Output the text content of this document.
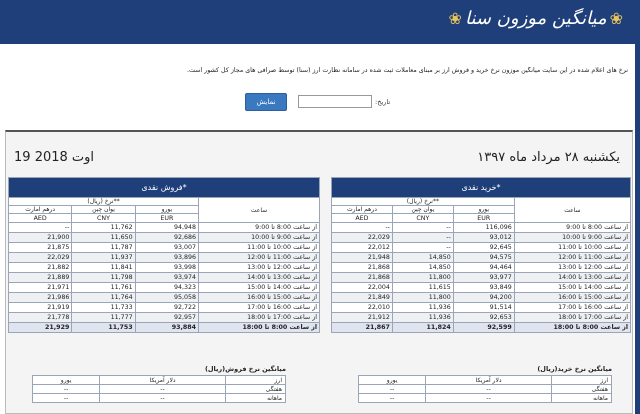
❀میانگین موزون سنا❀
نرخ های اعلام شده در این سایت میانگین موزون نرخ خرید و فروش ارز بر مبنای معاملات ثبت شده در سامانه نظارت ارز (سنا) توسط صرافی های مجاز کل کشور است.
تاریخ:
نمایش
19 اوت 2018	یکشنبه ۲۸ مرداد ماه ۱۳۹۷
خرید نقدی*			
نرخ (ریال)**			ساعت
درهم امارت	یوان چین	یورو	
AED	CNY	EUR	
--	--	116,096	از ساعت 8:00 تا 9:00
22,029	--	93,012	از ساعت 9:00 تا 10:00
22,012	--	92,645	از ساعت 10:00 تا 11:00
21,948	14,850	94,575	از ساعت 11:00 تا 12:00
21,868	14,850	94,464	از ساعت 12:00 تا 13:00
21,868	11,800	93,977	از ساعت 13:00 تا 14:00
22,004	11,615	93,849	از ساعت 14:00 تا 15:00
21,849	11,800	94,200	از ساعت 15:00 تا 16:00
22,010	11,936	91,514	از ساعت 16:00 تا 17:00
21,912	11,936	92,653	از ساعت 17:00 تا 18:00
21,867	11,824	92,599	از ساعت 8:00 تا 18:00
فروش نقدی*			
نرخ (ریال)**			ساعت
درهم امارت	یوان چین	یورو	
AED	CNY	EUR	
--	11,762	94,948	از ساعت 8:00 تا 9:00
21,900	11,650	92,686	از ساعت 9:00 تا 10:00
21,875	11,787	93,007	از ساعت 10:00 تا 11:00
22,029	11,937	93,896	از ساعت 11:00 تا 12:00
21,882	11,841	93,998	از ساعت 12:00 تا 13:00
21,889	11,798	93,974	از ساعت 13:00 تا 14:00
21,971	11,761	94,323	از ساعت 14:00 تا 15:00
21,986	11,764	95,058	از ساعت 15:00 تا 16:00
21,919	11,733	92,722	از ساعت 16:00 تا 17:00
21,778	11,777	92,957	از ساعت 17:00 تا 18:00
21,929	11,753	93,884	از ساعت 8:00 تا 18:00
میانگین نرخ خرید(ریال)
یورو	دلار آمریکا	ارز
--	--	هفتگی
--	--	ماهانه
میانگین نرخ فروش(ریال)
یورو	دلار آمریکا	ارز
--	--	هفتگی
--	--	ماهانه
